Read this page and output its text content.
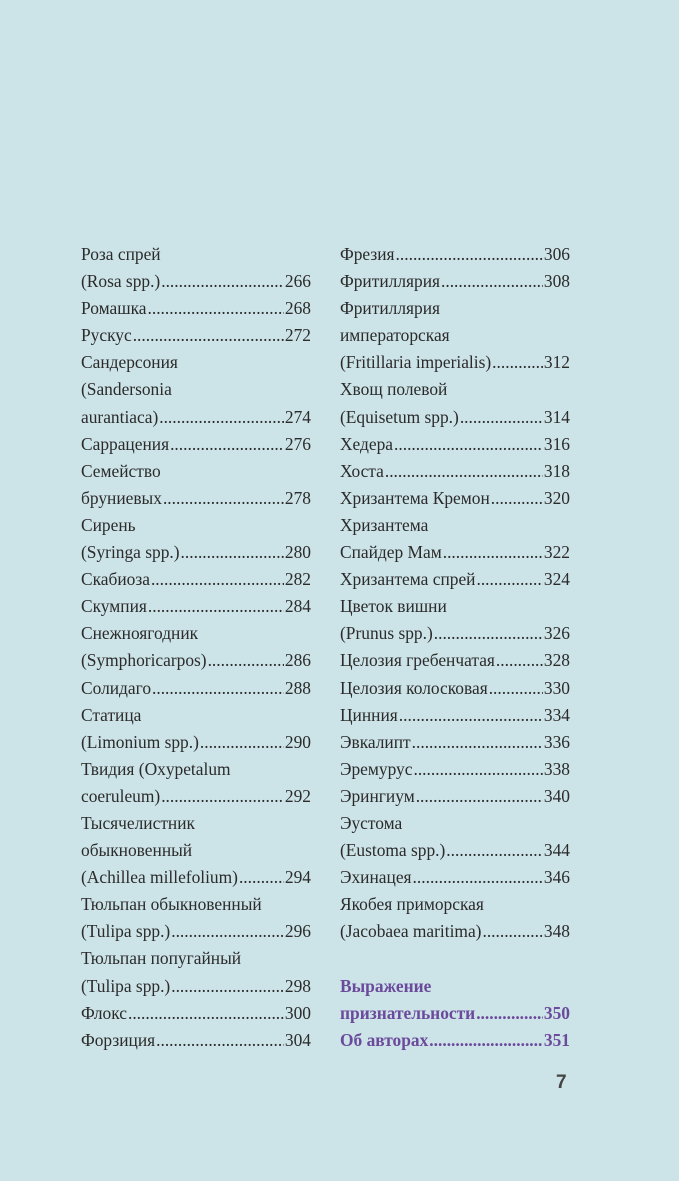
Роза спрей
(Rosa spp.) .....	266
Ромашка .....	268
Рускус .....	272
Сандерсония
(Sandersonia
aurantiaca) .....	274
Саррацения .....	276
Семейство
бруниевых .....	278
Сирень
(Syringa spp.) .....	280
Скабиоза .....	282
Скумпия .....	284
Снежноягодник
(Symphoricarpos) .....	286
Солидаго .....	288
Статица
(Limonium spp.) .....	290
Твидия (Oxypetalum
coeruleum) .....	292
Тысячелистник
обыкновенный
(Achillea millefolium) .....	294
Тюльпан обыкновенный
(Tulipa spp.) .....	296
Тюльпан попугайный
(Tulipa spp.) .....	298
Флокс .....	300
Форзиция .....	304
Фрезия .....	306
Фритиллярия .....	308
Фритиллярия
императорская
(Fritillaria imperialis) .....	312
Хвощ полевой
(Equisetum spp.) .....	314
Хедера .....	316
Хоста .....	318
Хризантема Кремон .....	320
Хризантема
Спайдер Мам .....	322
Хризантема спрей .....	324
Цветок вишни
(Prunus spp.) .....	326
Целозия гребенчатая .....	328
Целозия колосковая .....	330
Цинния .....	334
Эвкалипт .....	336
Эремурус .....	338
Эрингиум .....	340
Эустома
(Eustoma spp.) .....	344
Эхинацея .....	346
Якобея приморская
(Jacobaea maritima) .....	348
Выражение
признательности .....	350
Об авторах .....	351
7
